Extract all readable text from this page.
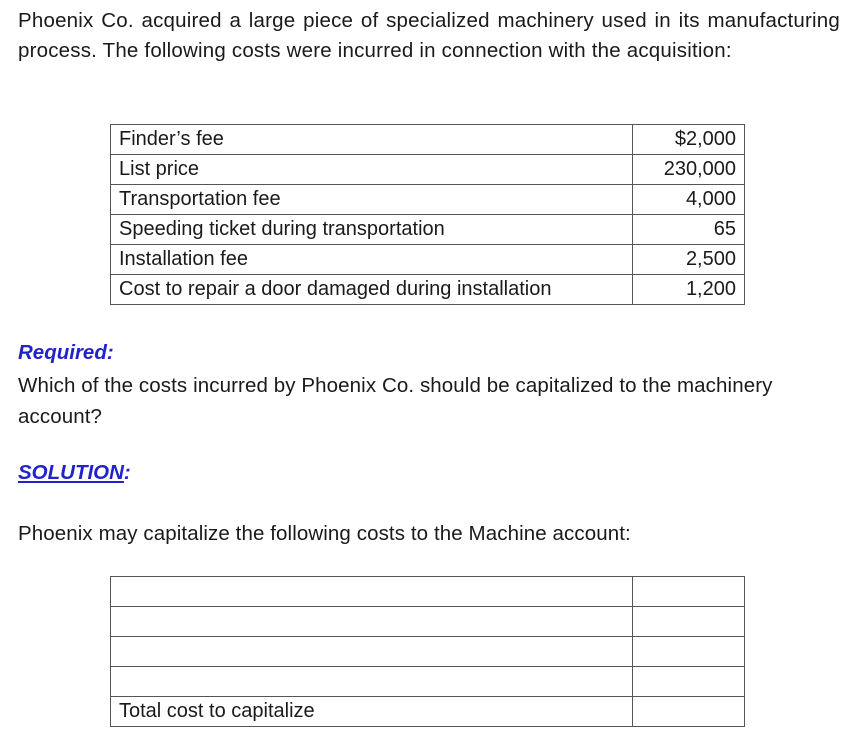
Phoenix Co. acquired a large piece of specialized machinery used in its manufacturing process. The following costs were incurred in connection with the acquisition:

Finder’s fee	$2,000
List price	230,000
Transportation fee	4,000
Speeding ticket during transportation	65
Installation fee	2,500
Cost to repair a door damaged during installation	1,200
Required:

Which of the costs incurred by Phoenix Co. should be capitalized to the machinery account?

SOLUTION:

Phoenix may capitalize the following costs to the Machine account:

Total cost to capitalize	
